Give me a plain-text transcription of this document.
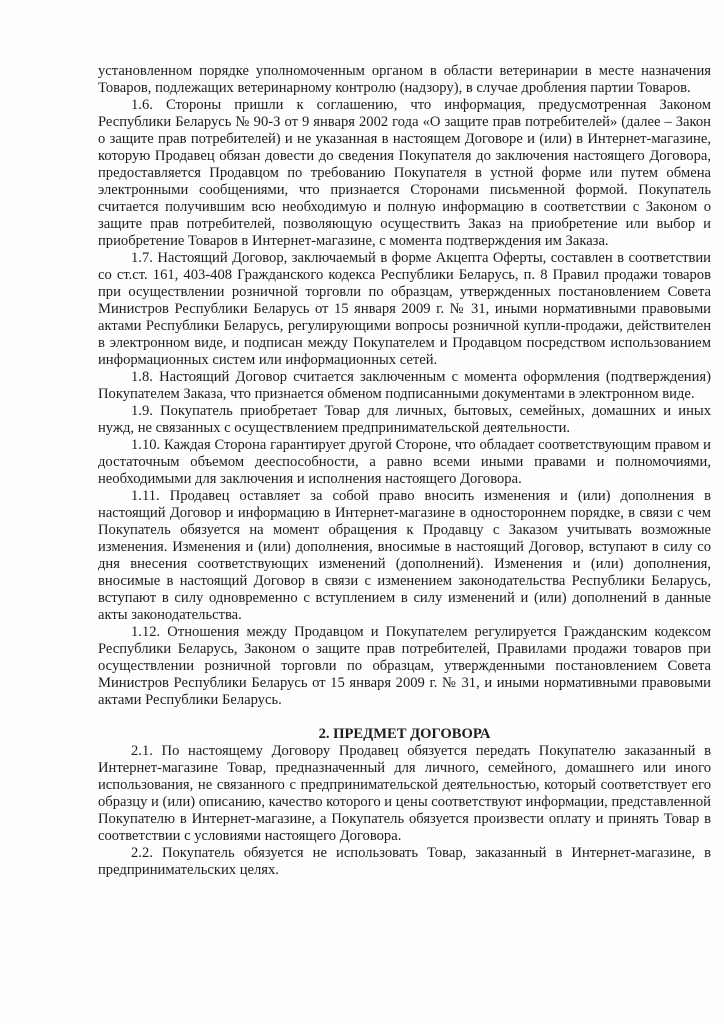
установленном порядке уполномоченным органом в области ветеринарии в месте назначения Товаров, подлежащих ветеринарному контролю (надзору), в случае дробления партии Товаров.

1.6. Стороны пришли к соглашению, что информация, предусмотренная Законом Республики Беларусь № 90-З от 9 января 2002 года «О защите прав потребителей» (далее – Закон о защите прав потребителей) и не указанная в настоящем Договоре и (или) в Интернет-магазине, которую Продавец обязан довести до сведения Покупателя до заключения настоящего Договора, предоставляется Продавцом по требованию Покупателя в устной форме или путем обмена электронными сообщениями, что признается Сторонами письменной формой. Покупатель считается получившим всю необходимую и полную информацию в соответствии с Законом о защите прав потребителей, позволяющую осуществить Заказ на приобретение или выбор и приобретение Товаров в Интернет-магазине, с момента подтверждения им Заказа.

1.7. Настоящий Договор, заключаемый в форме Акцепта Оферты, составлен в соответствии со ст.ст. 161, 403-408 Гражданского кодекса Республики Беларусь, п. 8 Правил продажи товаров при осуществлении розничной торговли по образцам, утвержденных постановлением Совета Министров Республики Беларусь от 15 января 2009 г. № 31, иными нормативными правовыми актами Республики Беларусь, регулирующими вопросы розничной купли-продажи, действителен в электронном виде, и подписан между Покупателем и Продавцом посредством использованием информационных систем или информационных сетей.

1.8. Настоящий Договор считается заключенным с момента оформления (подтверждения) Покупателем Заказа, что признается обменом подписанными документами в электронном виде.

1.9. Покупатель приобретает Товар для личных, бытовых, семейных, домашних и иных нужд, не связанных с осуществлением предпринимательской деятельности.

1.10. Каждая Сторона гарантирует другой Стороне, что обладает соответствующим правом и достаточным объемом дееспособности, а равно всеми иными правами и полномочиями, необходимыми для заключения и исполнения настоящего Договора.

1.11. Продавец оставляет за собой право вносить изменения и (или) дополнения в настоящий Договор и информацию в Интернет-магазине в одностороннем порядке, в связи с чем Покупатель обязуется на момент обращения к Продавцу с Заказом учитывать возможные изменения. Изменения и (или) дополнения, вносимые в настоящий Договор, вступают в силу со дня внесения соответствующих изменений (дополнений). Изменения и (или) дополнения, вносимые в настоящий Договор в связи с изменением законодательства Республики Беларусь, вступают в силу одновременно с вступлением в силу изменений и (или) дополнений в данные акты законодательства.

1.12. Отношения между Продавцом и Покупателем регулируется Гражданским кодексом Республики Беларусь, Законом о защите прав потребителей, Правилами продажи товаров при осуществлении розничной торговли по образцам, утвержденными постановлением Совета Министров Республики Беларусь от 15 января 2009 г. № 31, и иными нормативными правовыми актами Республики Беларусь.

2. ПРЕДМЕТ ДОГОВОРА

2.1. По настоящему Договору Продавец обязуется передать Покупателю заказанный в Интернет-магазине Товар, предназначенный для личного, семейного, домашнего или иного использования, не связанного с предпринимательской деятельностью, который соответствует его образцу и (или) описанию, качество которого и цены соответствуют информации, представленной Покупателю в Интернет-магазине, а Покупатель обязуется произвести оплату и принять Товар в соответствии с условиями настоящего Договора.

2.2. Покупатель обязуется не использовать Товар, заказанный в Интернет-магазине, в предпринимательских целях.
